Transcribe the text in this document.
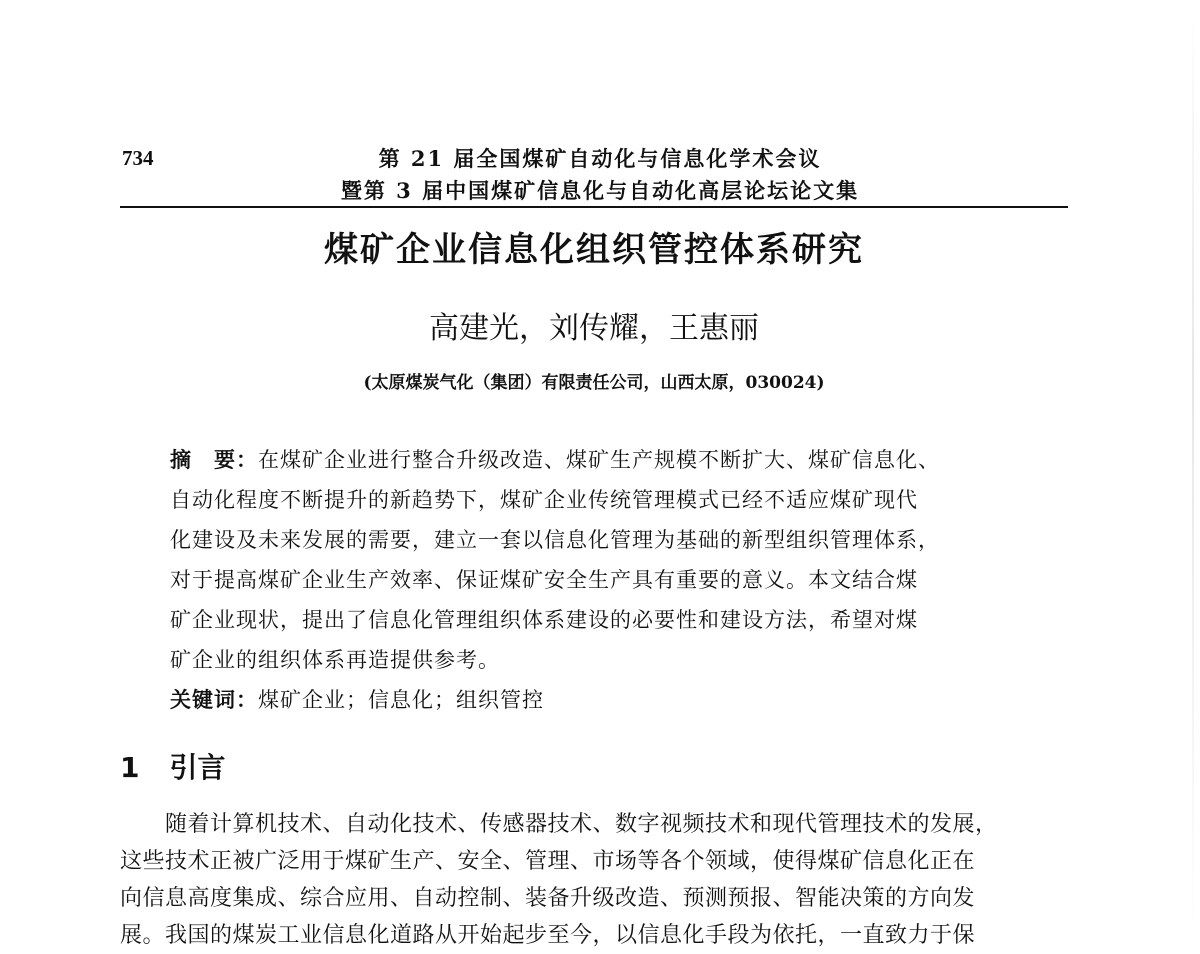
734	第 21 届全国煤矿自动化与信息化学术会议
暨第 3 届中国煤矿信息化与自动化高层论坛论文集
煤矿企业信息化组织管控体系研究
高建光，刘传耀，王惠丽
(太原煤炭气化（集团）有限责任公司，山西太原，030024)
摘　要：在煤矿企业进行整合升级改造、煤矿生产规模不断扩大、煤矿信息化、
自动化程度不断提升的新趋势下，煤矿企业传统管理模式已经不适应煤矿现代
化建设及未来发展的需要，建立一套以信息化管理为基础的新型组织管理体系，
对于提高煤矿企业生产效率、保证煤矿安全生产具有重要的意义。本文结合煤
矿企业现状，提出了信息化管理组织体系建设的必要性和建设方法，希望对煤
矿企业的组织体系再造提供参考。
关键词：煤矿企业；信息化；组织管控
1 引言
随着计算机技术、自动化技术、传感器技术、数字视频技术和现代管理技术的发展，
这些技术正被广泛用于煤矿生产、安全、管理、市场等各个领域，使得煤矿信息化正在
向信息高度集成、综合应用、自动控制、装备升级改造、预测预报、智能决策的方向发
展。我国的煤炭工业信息化道路从开始起步至今，以信息化手段为依托，一直致力于保
